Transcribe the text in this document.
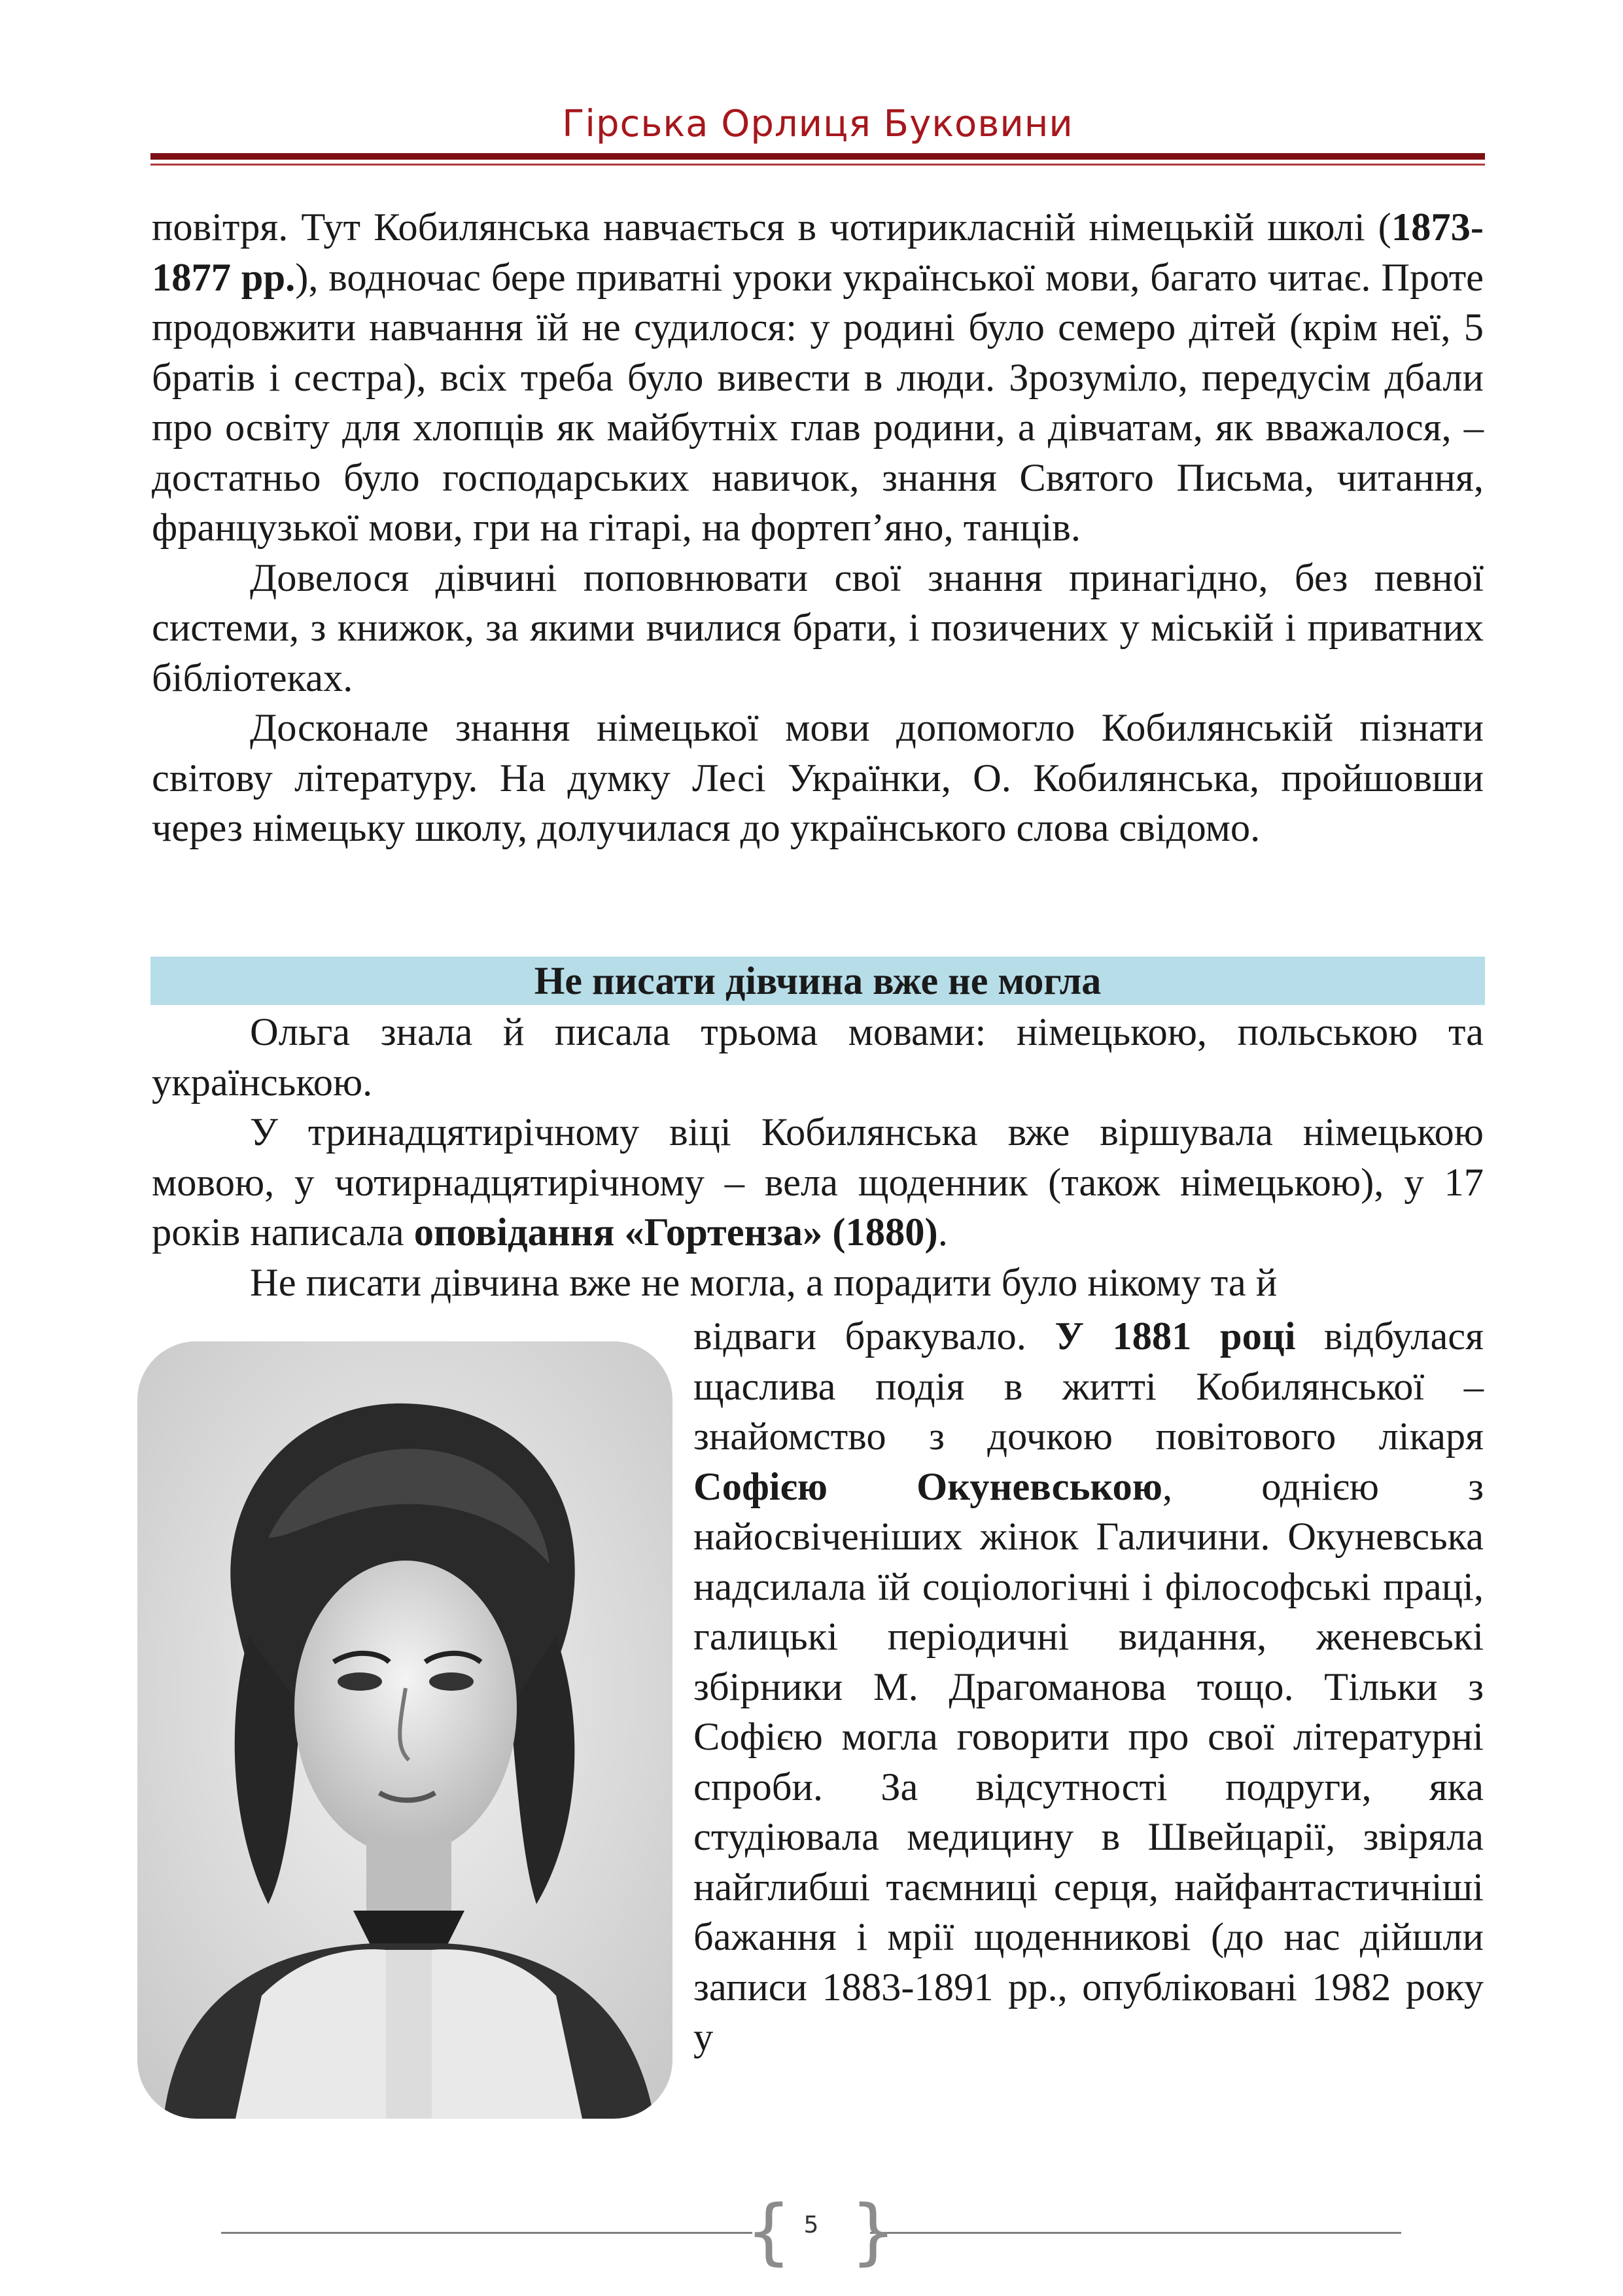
Гірська Орлиця Буковини

повітря. Тут Кобилянська навчається в чотирикласній німецькій школі (1873-1877 рр.), водночас бере приватні уроки української мови, багато читає. Проте продовжити навчання їй не судилося: у родині було семеро дітей (крім неї, 5 братів і сестра), всіх треба було вивести в люди. Зрозуміло, передусім дбали про освіту для хлопців як майбутніх глав родини, а дівчатам, як вважалося, – достатньо було господарських навичок, знання Святого Письма, читання, французької мови, гри на гітарі, на фортеп’яно, танців.

Довелося дівчині поповнювати свої знання принагідно, без певної системи, з книжок, за якими вчилися брати, і позичених у міській і приватних бібліотеках.

Досконале знання німецької мови допомогло Кобилянській пізнати світову літературу. На думку Лесі Українки, О. Кобилянська, пройшовши через німецьку школу, долучилася до українського слова свідомо.

Не писати дівчина вже не могла

Ольга знала й писала трьома мовами: німецькою, польською та українською.

У тринадцятирічному віці Кобилянська вже віршувала німецькою мовою, у чотирнадцятирічному – вела щоденник (також німецькою), у 17 років написала оповідання «Гортенза» (1880).

Не писати дівчина вже не могла, а порадити було нікому та й

відваги бракувало. У 1881 році відбулася щаслива подія в житті Кобилянської – знайомство з дочкою повітового лікаря Софією Окуневською, однією з найосвіченіших жінок Галичини. Окуневська надсилала їй соціологічні і філософські праці, галицькі періодичні видання, женевські збірники М. Драгоманова тощо. Тільки з Софією могла говорити про свої літературні спроби. За відсутності подруги, яка студіювала медицину в Швейцарії, звіряла найглибші таємниці серця, найфантастичніші бажання і мрії щоденникові (до нас дійшли записи 1883-1891 рр., опубліковані 1982 року у

{ }
5
